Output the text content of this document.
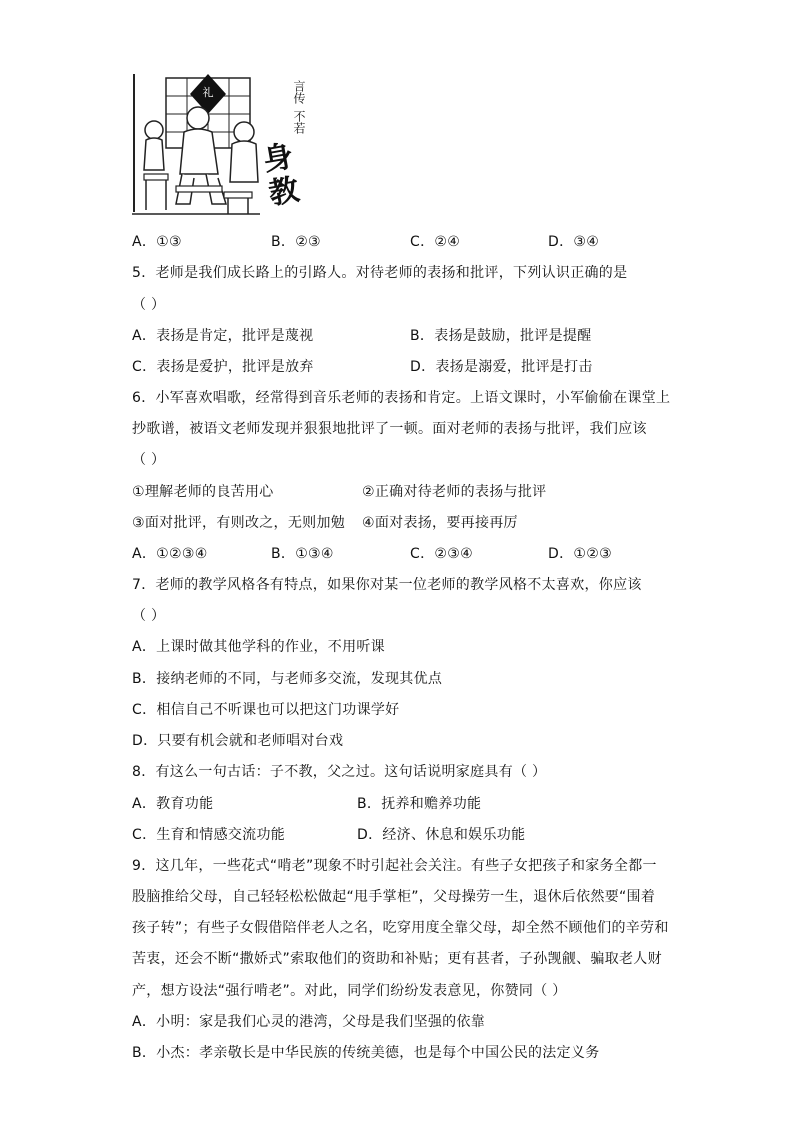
礼	言传
不若
身教
A．①③	B．②③	C．②④	D．③④
5．老师是我们成长路上的引路人。对待老师的表扬和批评，下列认识正确的是
（ ）
A．表扬是肯定，批评是蔑视	B．表扬是鼓励，批评是提醒
C．表扬是爱护，批评是放弃	D．表扬是溺爱，批评是打击
6．小军喜欢唱歌，经常得到音乐老师的表扬和肯定。上语文课时，小军偷偷在课堂上
抄歌谱，被语文老师发现并狠狠地批评了一顿。面对老师的表扬与批评，我们应该
（ ）
①理解老师的良苦用心	②正确对待老师的表扬与批评
③面对批评，有则改之，无则加勉 ④面对表扬，要再接再厉
A．①②③④	B．①③④	C．②③④	D．①②③
7．老师的教学风格各有特点，如果你对某一位老师的教学风格不太喜欢，你应该
（ ）
A．上课时做其他学科的作业，不用听课
B．接纳老师的不同，与老师多交流，发现其优点
C．相信自己不听课也可以把这门功课学好
D．只要有机会就和老师唱对台戏
8．有这么一句古话：子不教，父之过。这句话说明家庭具有（ ）
A．教育功能	B．抚养和赡养功能
C．生育和情感交流功能	D．经济、休息和娱乐功能
9．这几年，一些花式“啃老”现象不时引起社会关注。有些子女把孩子和家务全都一
股脑推给父母，自己轻轻松松做起“甩手掌柜”，父母操劳一生，退休后依然要“围着
孩子转”；有些子女假借陪伴老人之名，吃穿用度全靠父母，却全然不顾他们的辛劳和
苦衷，还会不断“撒娇式”索取他们的资助和补贴；更有甚者，子孙觊觎、骗取老人财
产，想方设法“强行啃老”。对此，同学们纷纷发表意见，你赞同（ ）
A．小明：家是我们心灵的港湾，父母是我们坚强的依靠
B．小杰：孝亲敬长是中华民族的传统美德，也是每个中国公民的法定义务
